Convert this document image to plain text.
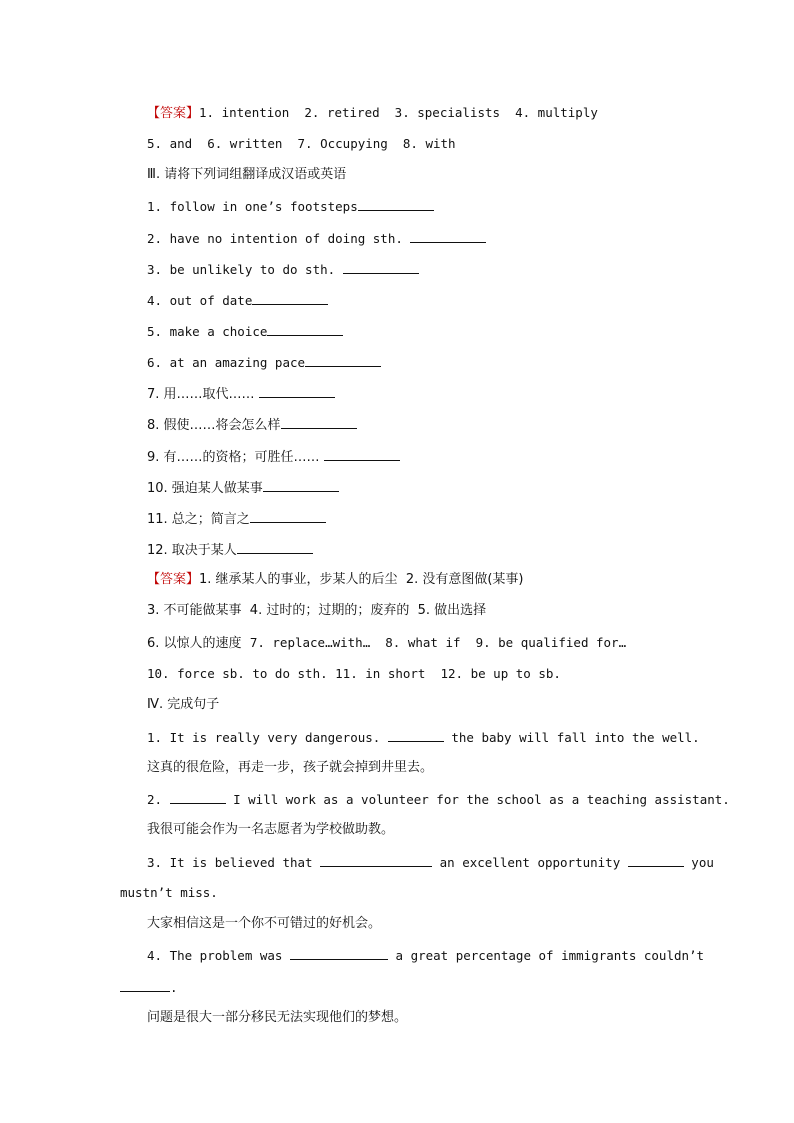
【答案】1. intention  2. retired  3. specialists  4. multiply
5. and  6. written  7. Occupying  8. with
Ⅲ. 请将下列词组翻译成汉语或英语
1. follow in one’s footsteps
2. have no intention of doing sth.
3. be unlikely to do sth.
4. out of date
5. make a choice
6. at an amazing pace
7. 用……取代……
8. 假使……将会怎么样
9. 有……的资格；可胜任……
10. 强迫某人做某事
11. 总之；简言之
12. 取决于某人
【答案】1. 继承某人的事业，步某人的后尘  2. 没有意图做(某事)
3. 不可能做某事  4. 过时的；过期的；废弃的  5. 做出选择
6. 以惊人的速度  7. replace…with…  8. what if  9. be qualified for…
10. force sb. to do sth. 11. in short  12. be up to sb.
Ⅳ. 完成句子
1. It is really very dangerous.	the baby will fall into the well.
这真的很危险，再走一步，孩子就会掉到井里去。
2.	I will work as a volunteer for the school as a teaching assistant.
我很可能会作为一名志愿者为学校做助教。
3. It is believed that	an excellent opportunity	you
mustn’t miss.
大家相信这是一个你不可错过的好机会。
4. The problem was	a great percentage of immigrants couldn’t
.
问题是很大一部分移民无法实现他们的梦想。
